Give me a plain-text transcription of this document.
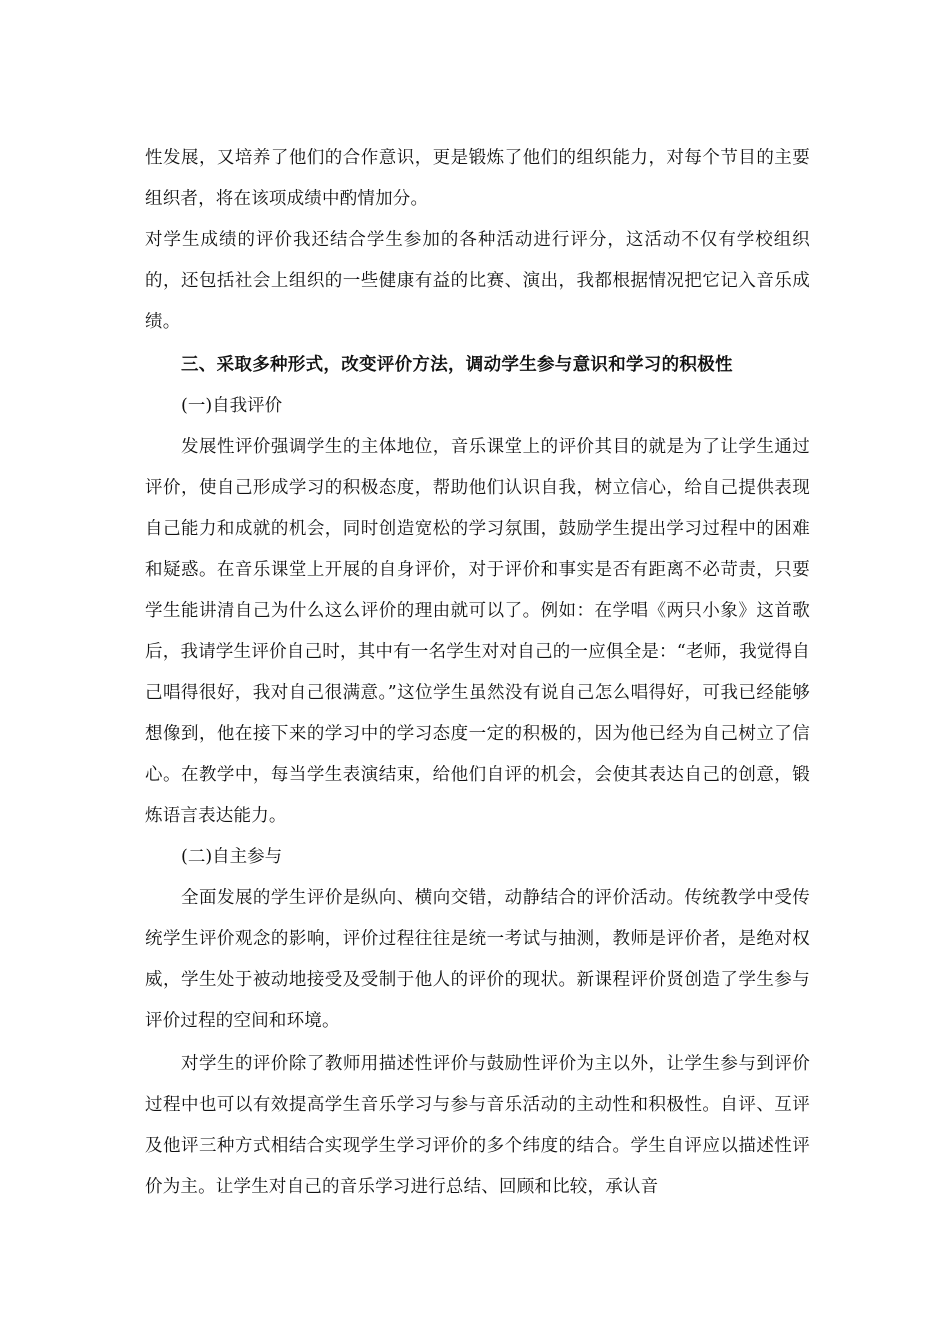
性发展，又培养了他们的合作意识，更是锻炼了他们的组织能力，对每个节目的主要组织者，将在该项成绩中酌情加分。

对学生成绩的评价我还结合学生参加的各种活动进行评分，这活动不仅有学校组织的，还包括社会上组织的一些健康有益的比赛、演出，我都根据情况把它记入音乐成绩。

三、采取多种形式，改变评价方法，调动学生参与意识和学习的积极性

(一)自我评价

发展性评价强调学生的主体地位，音乐课堂上的评价其目的就是为了让学生通过评价，使自己形成学习的积极态度，帮助他们认识自我，树立信心，给自己提供表现自己能力和成就的机会，同时创造宽松的学习氛围，鼓励学生提出学习过程中的困难和疑惑。在音乐课堂上开展的自身评价，对于评价和事实是否有距离不必苛责，只要学生能讲清自己为什么这么评价的理由就可以了。例如：在学唱《两只小象》这首歌后，我请学生评价自己时，其中有一名学生对对自己的一应俱全是：“老师，我觉得自己唱得很好，我对自己很满意。”这位学生虽然没有说自己怎么唱得好，可我已经能够想像到，他在接下来的学习中的学习态度一定的积极的，因为他已经为自己树立了信心。在教学中，每当学生表演结束，给他们自评的机会，会使其表达自己的创意，锻炼语言表达能力。

(二)自主参与

全面发展的学生评价是纵向、横向交错，动静结合的评价活动。传统教学中受传统学生评价观念的影响，评价过程往往是统一考试与抽测，教师是评价者，是绝对权威，学生处于被动地接受及受制于他人的评价的现状。新课程评价贤创造了学生参与评价过程的空间和环境。

对学生的评价除了教师用描述性评价与鼓励性评价为主以外，让学生参与到评价过程中也可以有效提高学生音乐学习与参与音乐活动的主动性和积极性。自评、互评及他评三种方式相结合实现学生学习评价的多个纬度的结合。学生自评应以描述性评价为主。让学生对自己的音乐学习进行总结、回顾和比较，承认音
